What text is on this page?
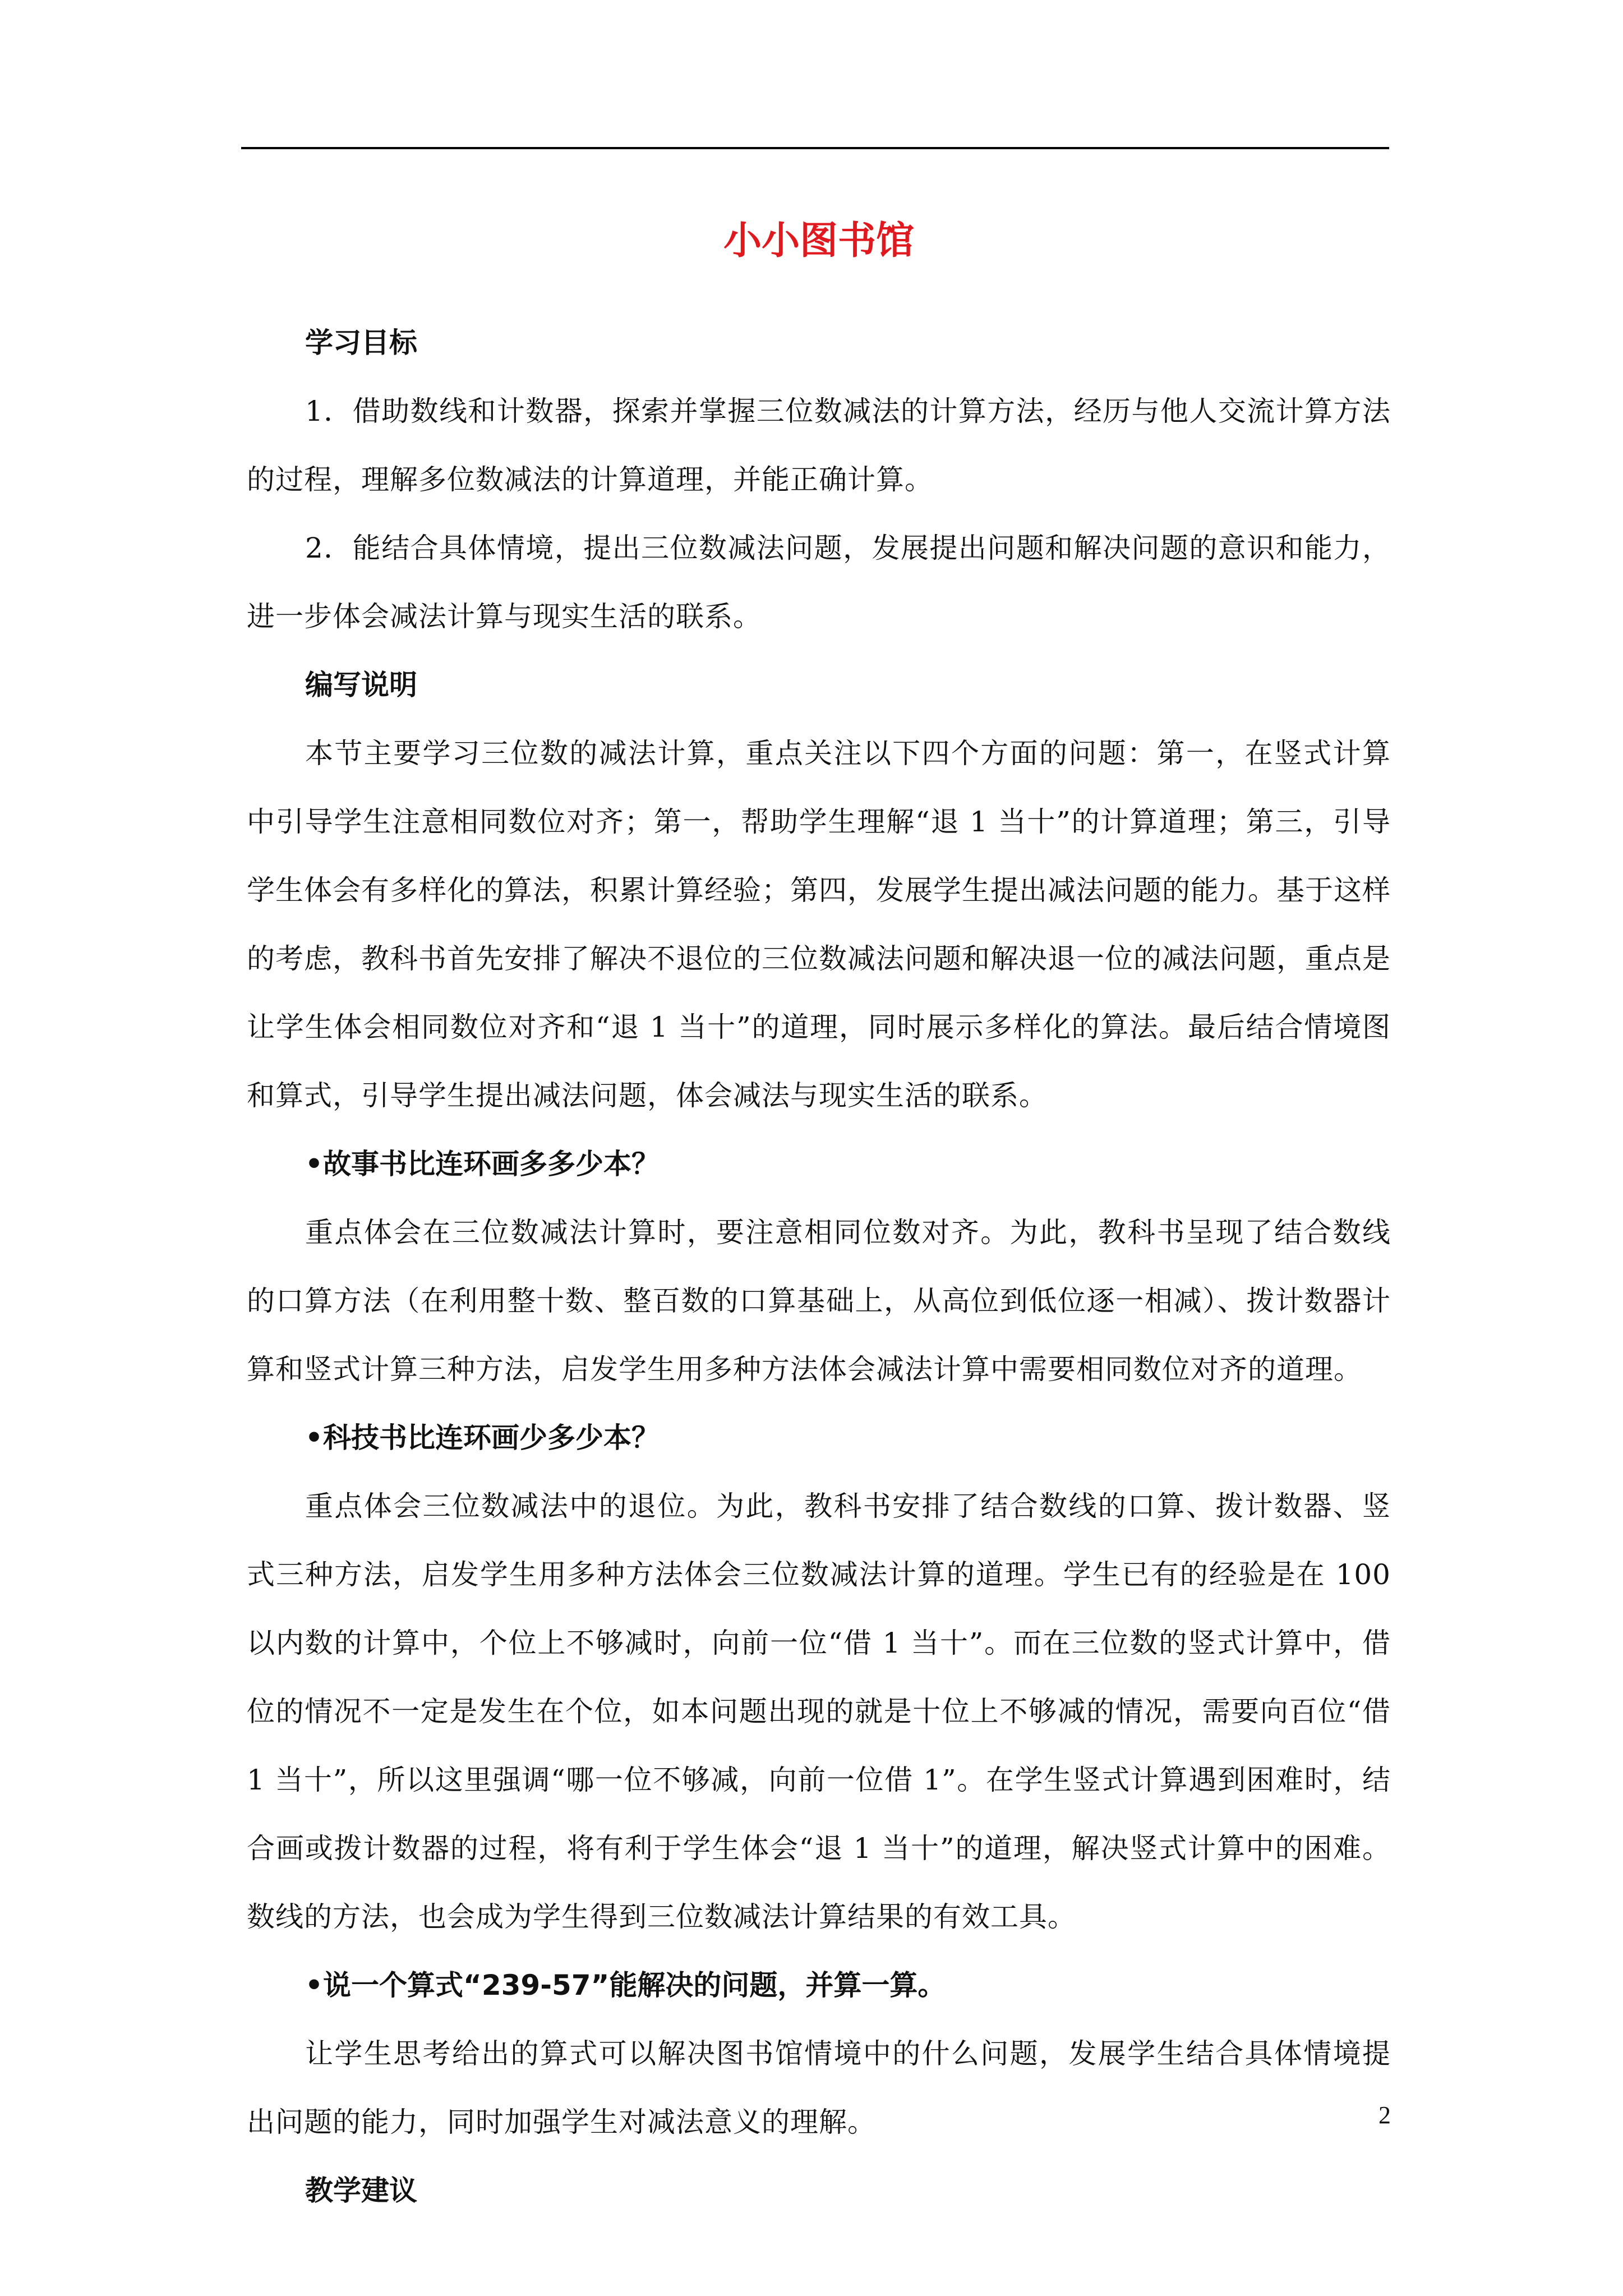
小小图书馆

学习目标

1．借助数线和计数器，探索并掌握三位数减法的计算方法，经历与他人交流计算方法的过程，理解多位数减法的计算道理，并能正确计算。

2．能结合具体情境，提出三位数减法问题，发展提出问题和解决问题的意识和能力，进一步体会减法计算与现实生活的联系。

编写说明

本节主要学习三位数的减法计算，重点关注以下四个方面的问题：第一，在竖式计算中引导学生注意相同数位对齐；第一，帮助学生理解“退 1 当十”的计算道理；第三，引导学生体会有多样化的算法，积累计算经验；第四，发展学生提出减法问题的能力。基于这样的考虑，教科书首先安排了解决不退位的三位数减法问题和解决退一位的减法问题，重点是让学生体会相同数位对齐和“退 1 当十”的道理，同时展示多样化的算法。最后结合情境图和算式，引导学生提出减法问题，体会减法与现实生活的联系。

•故事书比连环画多多少本？

重点体会在三位数减法计算时，要注意相同位数对齐。为此，教科书呈现了结合数线的口算方法（在利用整十数、整百数的口算基础上，从高位到低位逐一相减）、拨计数器计算和竖式计算三种方法，启发学生用多种方法体会减法计算中需要相同数位对齐的道理。

•科技书比连环画少多少本？

重点体会三位数减法中的退位。为此，教科书安排了结合数线的口算、拨计数器、竖式三种方法，启发学生用多种方法体会三位数减法计算的道理。学生已有的经验是在 100 以内数的计算中，个位上不够减时，向前一位“借 1 当十”。而在三位数的竖式计算中，借位的情况不一定是发生在个位，如本问题出现的就是十位上不够减的情况，需要向百位“借 1 当十”，所以这里强调“哪一位不够减，向前一位借 1”。在学生竖式计算遇到困难时，结合画或拨计数器的过程，将有利于学生体会“退 1 当十”的道理，解决竖式计算中的困难。数线的方法，也会成为学生得到三位数减法计算结果的有效工具。

•说一个算式“239-57”能解决的问题，并算一算。

让学生思考给出的算式可以解决图书馆情境中的什么问题，发展学生结合具体情境提出问题的能力，同时加强学生对减法意义的理解。

教学建议

2
